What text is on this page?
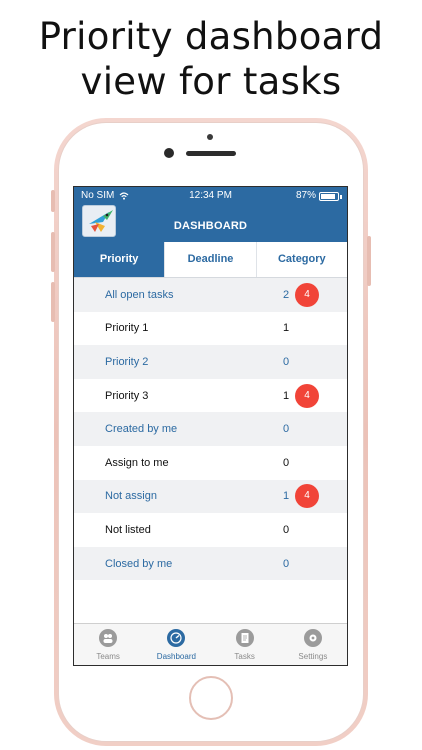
Priority dashboard
view for tasks
No SIM	12:34 PM	87%
DASHBOARD
Priority	Deadline	Category
All open tasks	2	4
Priority 1	1
Priority 2	0
Priority 3	1	4
Created by me	0
Assign to me	0
Not assign	1	4
Not listed	0
Closed by me	0
Teams	Dashboard	Tasks	Settings
